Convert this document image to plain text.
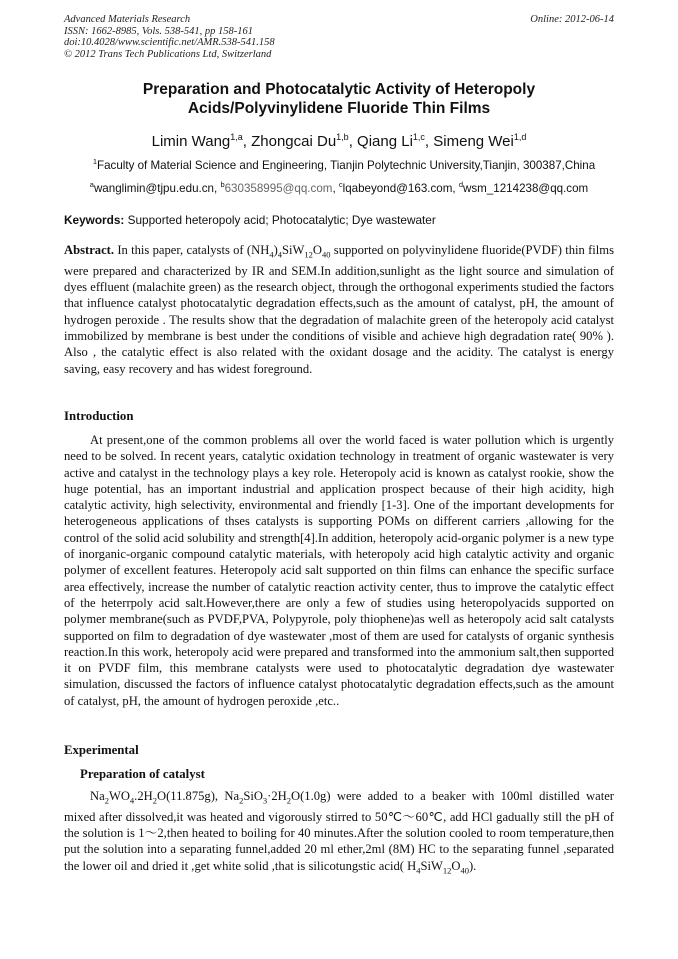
Advanced Materials Research
ISSN: 1662-8985, Vols. 538-541, pp 158-161
doi:10.4028/www.scientific.net/AMR.538-541.158
© 2012 Trans Tech Publications Ltd, Switzerland
Online: 2012-06-14
Preparation and Photocatalytic Activity of Heteropoly
Acids/Polyvinylidene Fluoride Thin Films
Limin Wang$^{1,a}$, Zhongcai Du$^{1,b}$, Qiang Li$^{1,c}$, Simeng Wei$^{1,d}$
$^1$Faculty of Material Science and Engineering, Tianjin Polytechnic University,Tianjin, 300387,China
$^a$wanglimin@tjpu.edu.cn, $^b$630358995@qq.com, $^c$lqabeyond@163.com, $^d$wsm_1214238@qq.com
Keywords: Supported heteropoly acid; Photocatalytic; Dye wastewater
Abstract. In this paper, catalysts of $(NH_4)_4SiW_{12}O_{40}$ supported on polyvinylidene fluoride(PVDF) thin films were prepared and characterized by IR and SEM.In addition,sunlight as the light source and simulation of dyes effluent (malachite green) as the research object, through the orthogonal experiments studied the factors that influence catalyst photocatalytic degradation effects,such as the amount of catalyst, pH, the amount of hydrogen peroxide . The results show that the degradation of malachite green of the heteropoly acid catalyst immobilized by membrane is best under the conditions of visible and achieve high degradation rate( 90% ). Also , the catalytic effect is also related with the oxidant dosage and the acidity. The catalyst is energy saving, easy recovery and has widest foreground.
Introduction
At present,one of the common problems all over the world faced is water pollution which is urgently need to be solved. In recent years, catalytic oxidation technology in treatment of organic wastewater is very active and catalyst in the technology plays a key role. Heteropoly acid is known as catalyst rookie, show the huge potential, has an important industrial and application prospect because of their high acidity, high catalytic activity, high selectivity, environmental and friendly [1-3]. One of the important developments for heterogeneous applications of thses catalysts is supporting POMs on different carriers ,allowing for the control of the solid acid solubility and strength[4].In addition, heteropoly acid-organic polymer is a new type of inorganic-organic compound catalytic materials, with heteropoly acid high catalytic activity and organic polymer of excellent features. Heteropoly acid salt supported on thin films can enhance the specific surface area effectively, increase the number of catalytic reaction activity center, thus to improve the catalytic effect of the heterrpoly acid salt.However,there are only a few of studies using heteropolyacids supported on polymer membrane(such as PVDF,PVA, Polypyrole, poly thiophene)as well as heteropoly acid salt catalysts supported on film to degradation of dye wastewater ,most of them are used for catalysts of organic synthesis reaction.In this work, heteropoly acid were prepared and transformed into the ammonium salt,then supported it on PVDF film, this membrane catalysts were used to photocatalytic degradation dye wastewater simulation, discussed the factors of influence catalyst photocatalytic degradation effects,such as the amount of catalyst, pH, the amount of hydrogen peroxide ,etc..
Experimental
Preparation of catalyst
$Na_2WO_4.2H_2O(11.875g)$, $Na_2SiO_3\cdot 2H_2O(1.0g)$ were added to a beaker with 100ml distilled water mixed after dissolved,it was heated and vigorously stirred to 50℃～60℃, add HCl gadually still the pH of the solution is 1～2,then heated to boiling for 40 minutes.After the solution cooled to room temperature,then put the solution into a separating funnel,added 20 ml ether,2ml (8M) HC to the separating funnel ,separated the lower oil and dried it ,get white solid ,that is silicotungstic acid( $H_4SiW_{12}O_{40}$).
